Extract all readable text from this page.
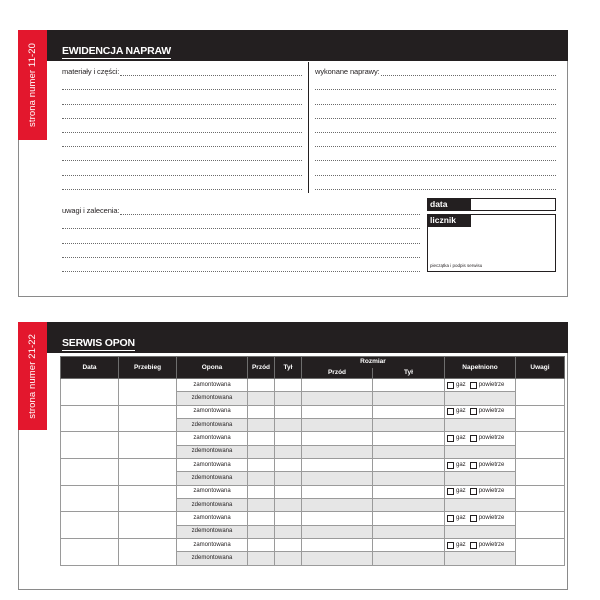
strona numer 11-20 EWIDENCJA NAPRAW
materiały i części:	wykonane naprawy:
uwagi i zalecenia:
data
licznik
pieczątka i podpis serwisu
strona numer 21-22 SERWIS OPON
Data	Przebieg	Opona	Przód	Tył	Rozmiar		Napełniono	Uwagi
					Przód	Tył		
		zamontowana					gaz powietrze	

		zdemontowana						
		zamontowana					gaz powietrze	

		zdemontowana						
		zamontowana					gaz powietrze	

		zdemontowana						
		zamontowana					gaz powietrze	

		zdemontowana						
		zamontowana					gaz powietrze	

		zdemontowana						
		zamontowana					gaz powietrze	

		zdemontowana						
		zamontowana					gaz powietrze	

		zdemontowana						
